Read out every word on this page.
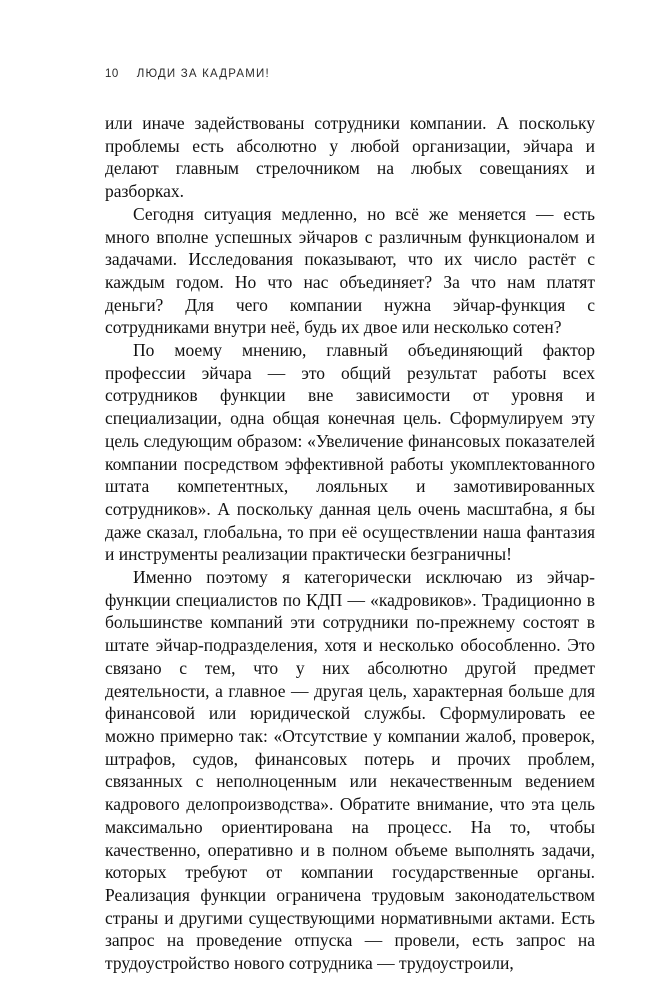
10 ЛЮДИ ЗА КАДРАМИ!

или иначе задействованы сотрудники компании. А поскольку проблемы есть абсолютно у любой организации, эйчара и делают главным стрелочником на любых совещаниях и разборках.

Сегодня ситуация медленно, но всё же меняется — есть много вполне успешных эйчаров с различным функционалом и задачами. Исследования показывают, что их число растёт с каждым годом. Но что нас объединяет? За что нам платят деньги? Для чего компании нужна эйчар-функция с сотрудниками внутри неё, будь их двое или несколько сотен?

По моему мнению, главный объединяющий фактор профессии эйчара — это общий результат работы всех сотрудников функции вне зависимости от уровня и специализации, одна общая конечная цель. Сформулируем эту цель следующим образом: «Увеличение финансовых показателей компании посредством эффективной работы укомплектованного штата компетентных, лояльных и замотивированных сотрудников». А поскольку данная цель очень масштабна, я бы даже сказал, глобальна, то при её осуществлении наша фантазия и инструменты реализации практически безграничны!

Именно поэтому я категорически исключаю из эйчар-функции специалистов по КДП — «кадровиков». Традиционно в большинстве компаний эти сотрудники по-прежнему состоят в штате эйчар-подразделения, хотя и несколько обособленно. Это связано с тем, что у них абсолютно другой предмет деятельности, а главное — другая цель, характерная больше для финансовой или юридической службы. Сформулировать ее можно примерно так: «Отсутствие у компании жалоб, проверок, штрафов, судов, финансовых потерь и прочих проблем, связанных с неполноценным или некачественным ведением кадрового делопроизводства». Обратите внимание, что эта цель максимально ориентирована на процесс. На то, чтобы качественно, оперативно и в полном объеме выполнять задачи, которых требуют от компании государственные органы. Реализация функции ограничена трудовым законодательством страны и другими существующими нормативными актами. Есть запрос на проведение отпуска — провели, есть запрос на трудоустройство нового сотрудника — трудоустроили,
